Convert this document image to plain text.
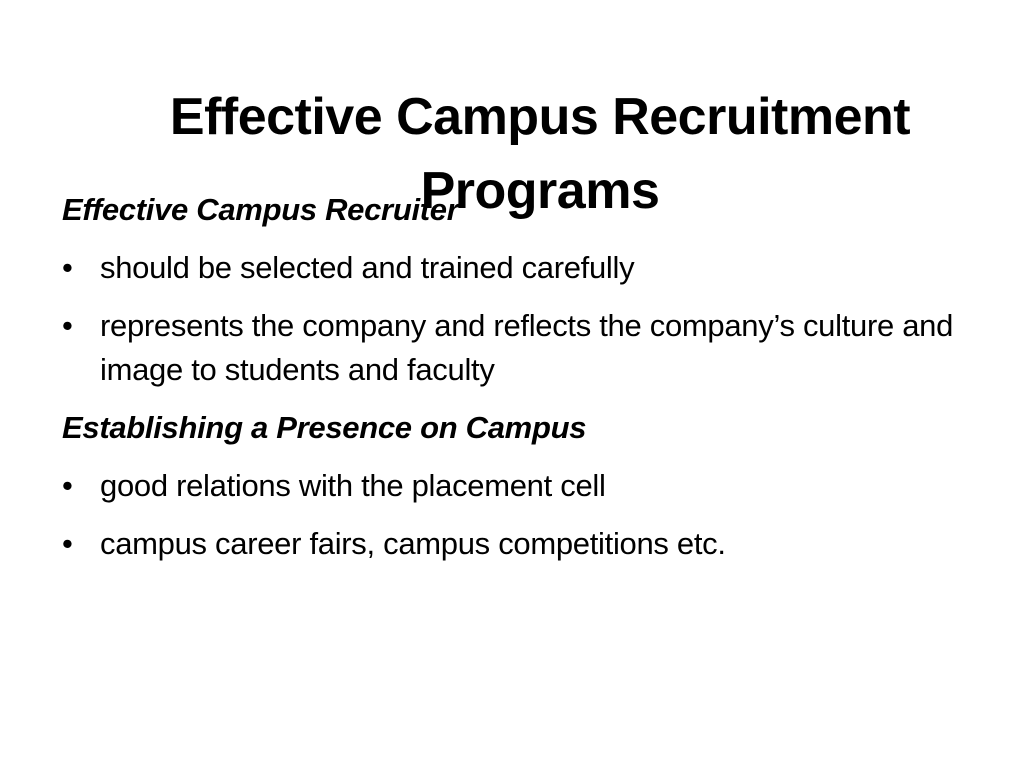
Effective Campus Recruitment Programs
Effective Campus Recruiter
• should be selected and trained carefully
• represents the company and reflects the company’s culture and image to students and faculty
Establishing a Presence on Campus
• good relations with the placement cell
• campus career fairs, campus competitions etc.
